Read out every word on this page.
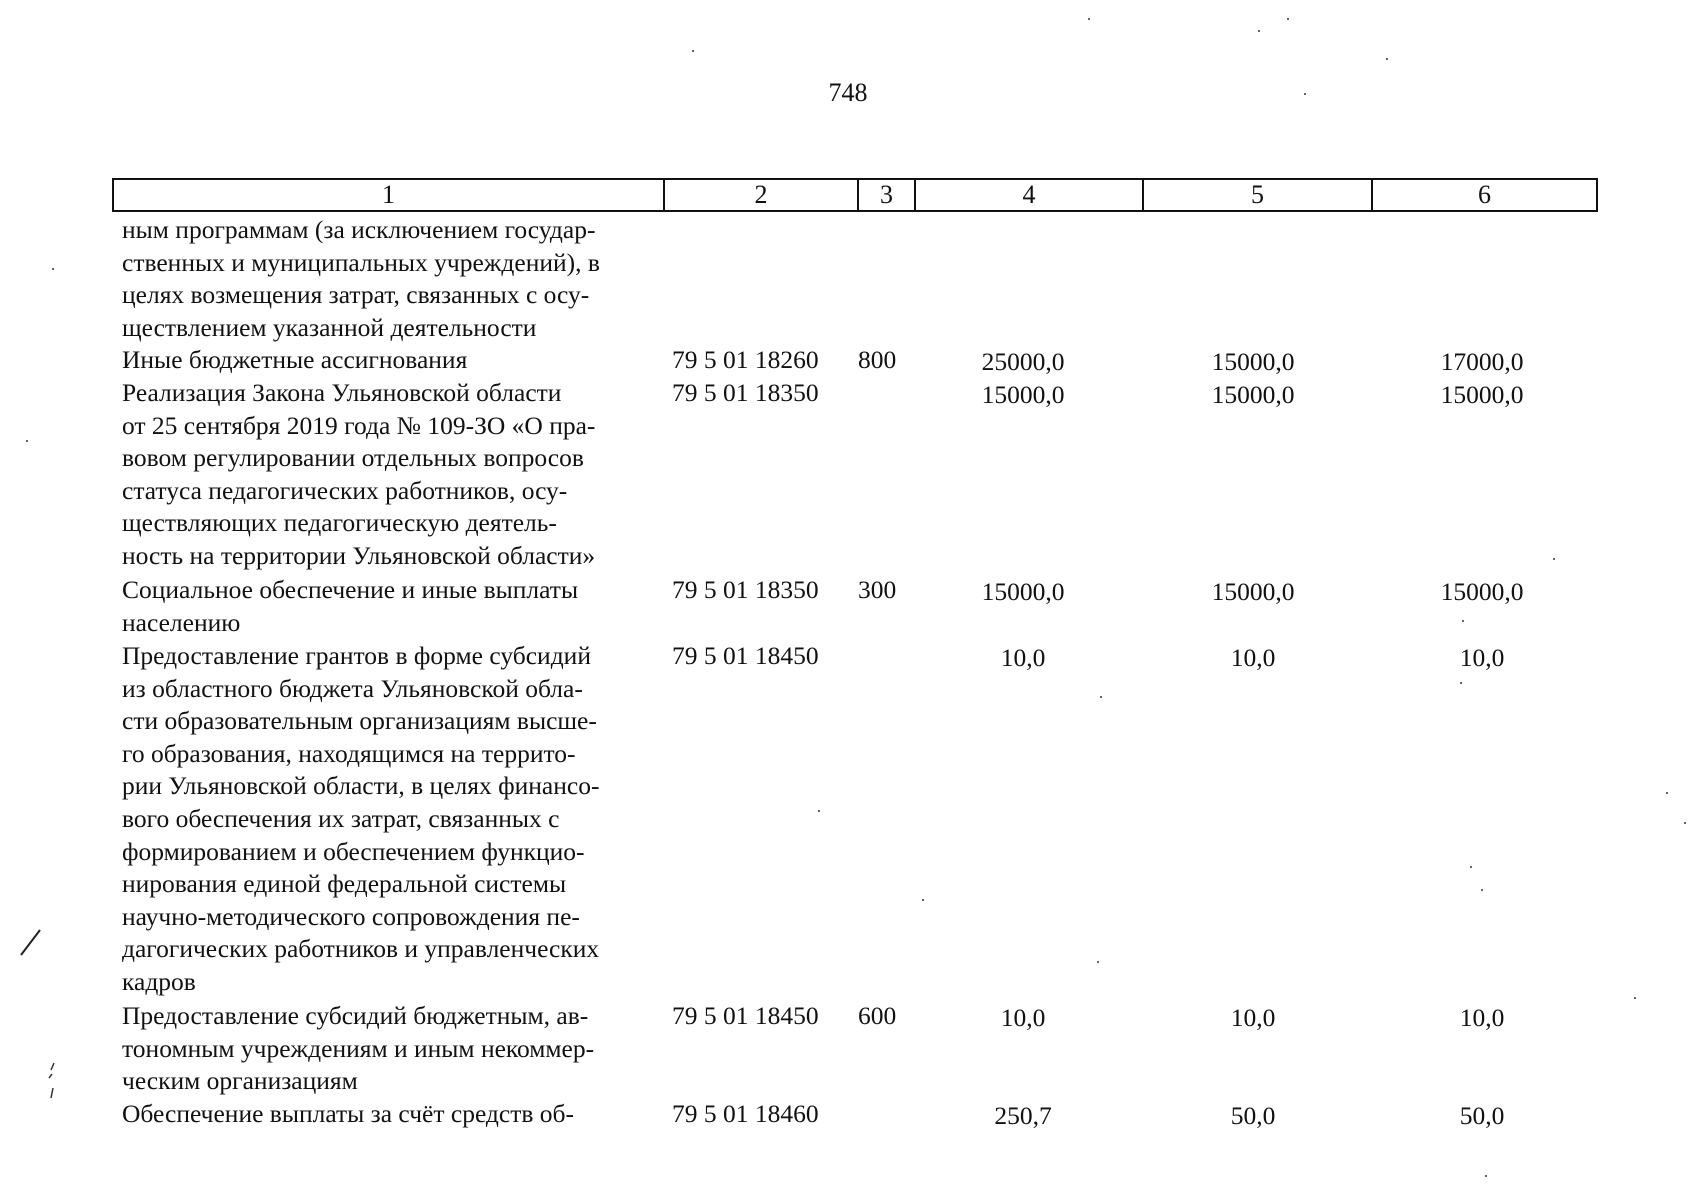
748
1	2	3	4	5	6
ным программам (за исключением государ-
ственных и муниципальных учреждений), в
целях возмещения затрат, связанных с осу-
ществлением указанной деятельности
Иные бюджетные ассигнования	79 5 01 18260 800	25000,0	15000,0	17000,0
Реализация Закона Ульяновской области
от 25 сентября 2019 года № 109-ЗО «О пра-
вовом регулировании отдельных вопросов
статуса педагогических работников, осу-
ществляющих педагогическую деятель-
ность на территории Ульяновской области»
79 5 01 18350	15000,0	15000,0	15000,0
Социальное обеспечение и иные выплаты
населению
79 5 01 18350 300	15000,0	15000,0	15000,0
Предоставление грантов в форме субсидий
из областного бюджета Ульяновской обла-
сти образовательным организациям высше-
го образования, находящимся на террито-
рии Ульяновской области, в целях финансо-
вого обеспечения их затрат, связанных с
формированием и обеспечением функцио-
нирования единой федеральной системы
научно-методического сопровождения пе-
дагогических работников и управленческих
кадров
79 5 01 18450	10,0	10,0	10,0
Предоставление субсидий бюджетным, ав-
тономным учреждениям и иным некоммер-
ческим организациям
79 5 01 18450 600	10,0	10,0	10,0
Обеспечение выплаты за счёт средств об-	79 5 01 18460	250,7	50,0	50,0
